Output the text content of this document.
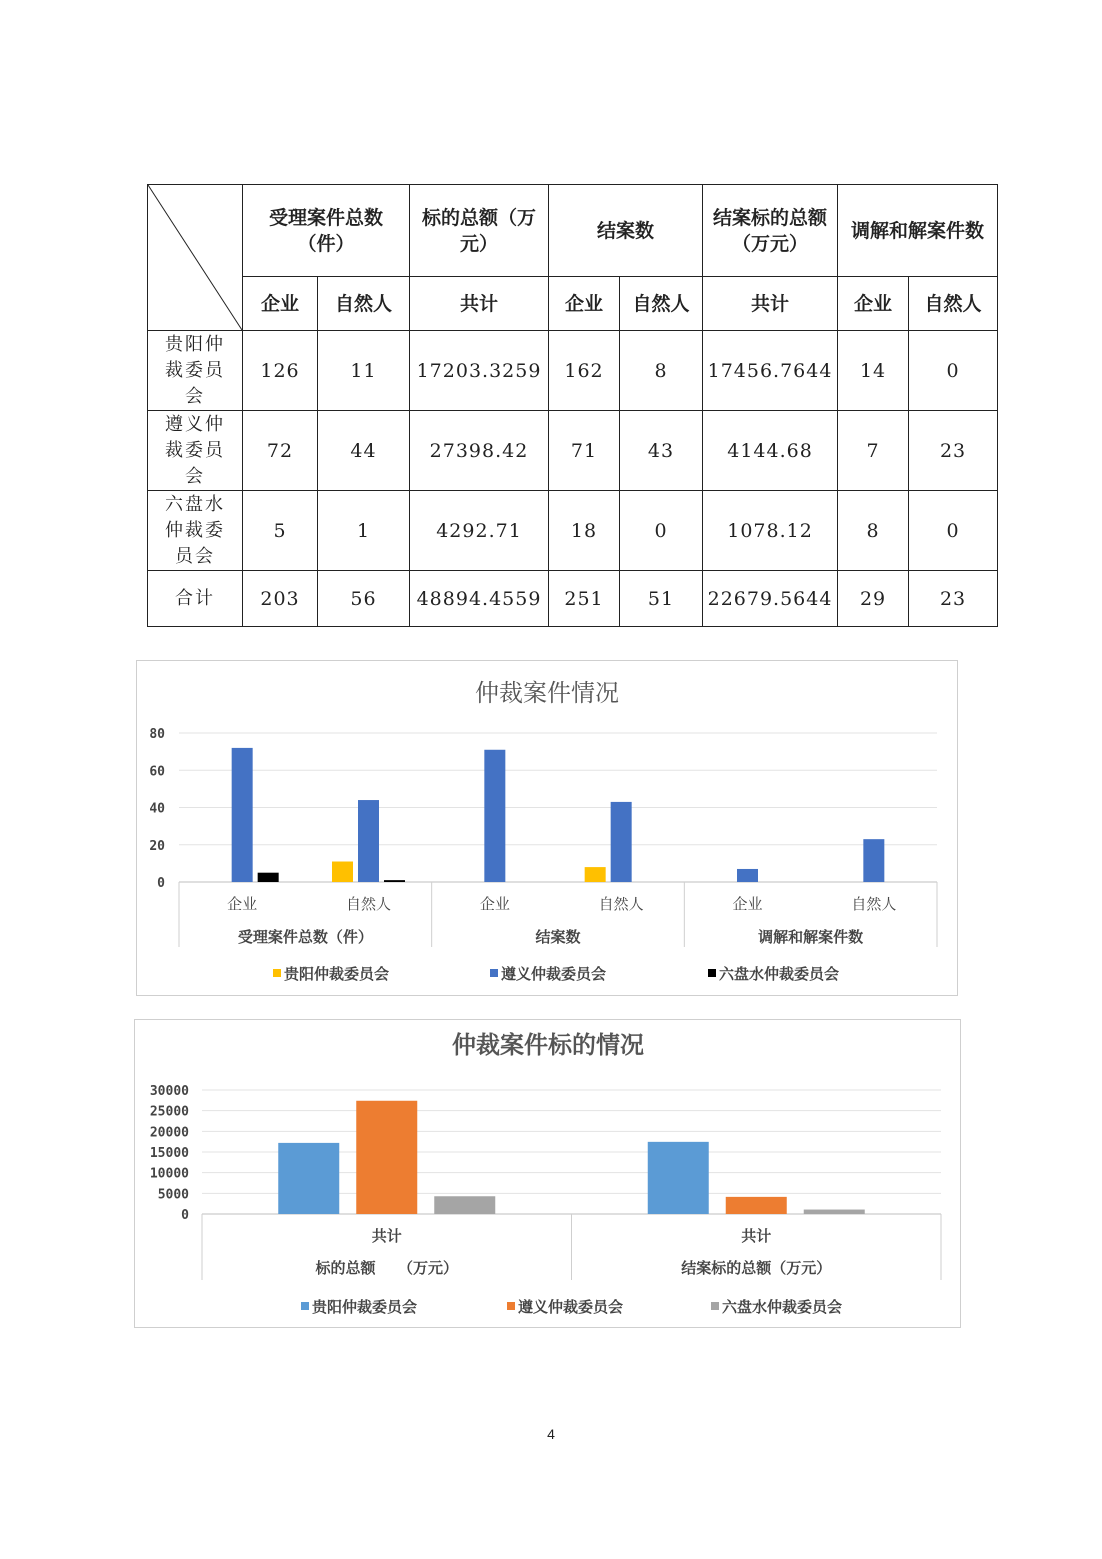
	受理案件总数（件）		标的总额（万元）	结案数		结案标的总额（万元）	调解和解案件数	
	企业	自然人	共计	企业	自然人	共计	企业	自然人
贵阳仲裁委员会	126	11	17203.3259	162	8	17456.7644	14	0
遵义仲裁委员会	72	44	27398.42	71	43	4144.68	7	23
六盘水仲裁委员会	5	1	4292.71	18	0	1078.12	8	0
合计	203	56	48894.4559	251	51	22679.5644	29	23
仲裁案件情况
0
20
40
60
80
企业	自然人	企业	自然人	企业	自然人
受理案件总数（件）	结案数	调解和解案件数
贵阳仲裁委员会	遵义仲裁委员会	六盘水仲裁委员会
仲裁案件标的情况
0
5000
10000
15000
20000
25000
30000
共计	共计
标的总额　　（万元）	结案标的总额（万元）
贵阳仲裁委员会	遵义仲裁委员会	六盘水仲裁委员会
4
